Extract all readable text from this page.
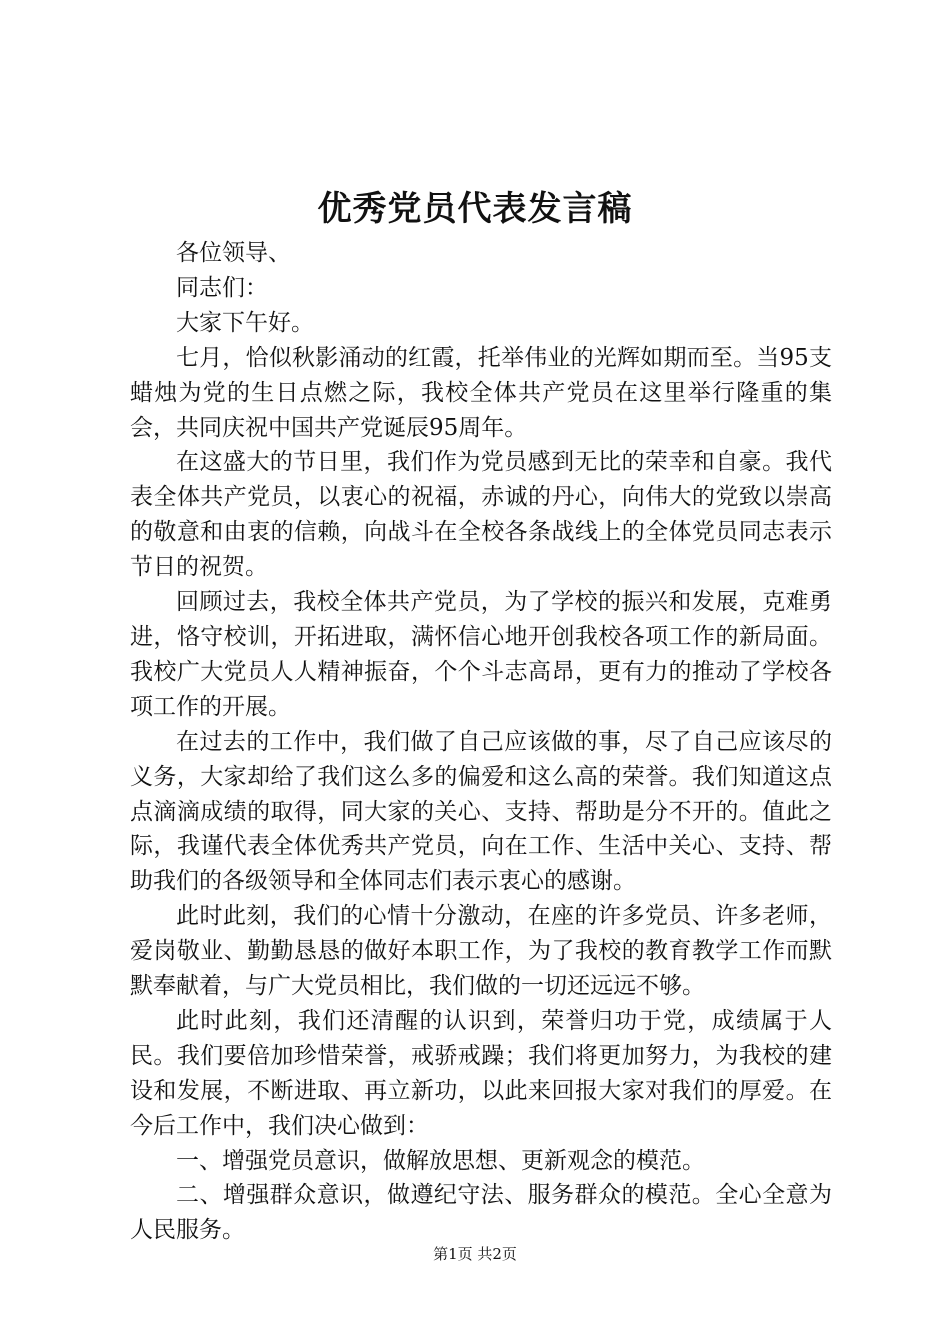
优秀党员代表发言稿

各位领导、

同志们：

大家下午好。

七月，恰似秋影涌动的红霞，托举伟业的光辉如期而至。当95支蜡烛为党的生日点燃之际，我校全体共产党员在这里举行隆重的集会，共同庆祝中国共产党诞辰95周年。

在这盛大的节日里，我们作为党员感到无比的荣幸和自豪。我代表全体共产党员，以衷心的祝福，赤诚的丹心，向伟大的党致以崇高的敬意和由衷的信赖，向战斗在全校各条战线上的全体党员同志表示节日的祝贺。

回顾过去，我校全体共产党员，为了学校的振兴和发展，克难勇进，恪守校训，开拓进取，满怀信心地开创我校各项工作的新局面。我校广大党员人人精神振奋，个个斗志高昂，更有力的推动了学校各项工作的开展。

在过去的工作中，我们做了自己应该做的事，尽了自己应该尽的义务，大家却给了我们这么多的偏爱和这么高的荣誉。我们知道这点点滴滴成绩的取得，同大家的关心、支持、帮助是分不开的。值此之际，我谨代表全体优秀共产党员，向在工作、生活中关心、支持、帮助我们的各级领导和全体同志们表示衷心的感谢。

此时此刻，我们的心情十分激动，在座的许多党员、许多老师，爱岗敬业、勤勤恳恳的做好本职工作，为了我校的教育教学工作而默默奉献着，与广大党员相比，我们做的一切还远远不够。

此时此刻，我们还清醒的认识到，荣誉归功于党，成绩属于人民。我们要倍加珍惜荣誉，戒骄戒躁；我们将更加努力，为我校的建设和发展，不断进取、再立新功，以此来回报大家对我们的厚爱。在今后工作中，我们决心做到：

一、增强党员意识，做解放思想、更新观念的模范。

二、增强群众意识，做遵纪守法、服务群众的模范。全心全意为人民服务。

第1页 共2页
